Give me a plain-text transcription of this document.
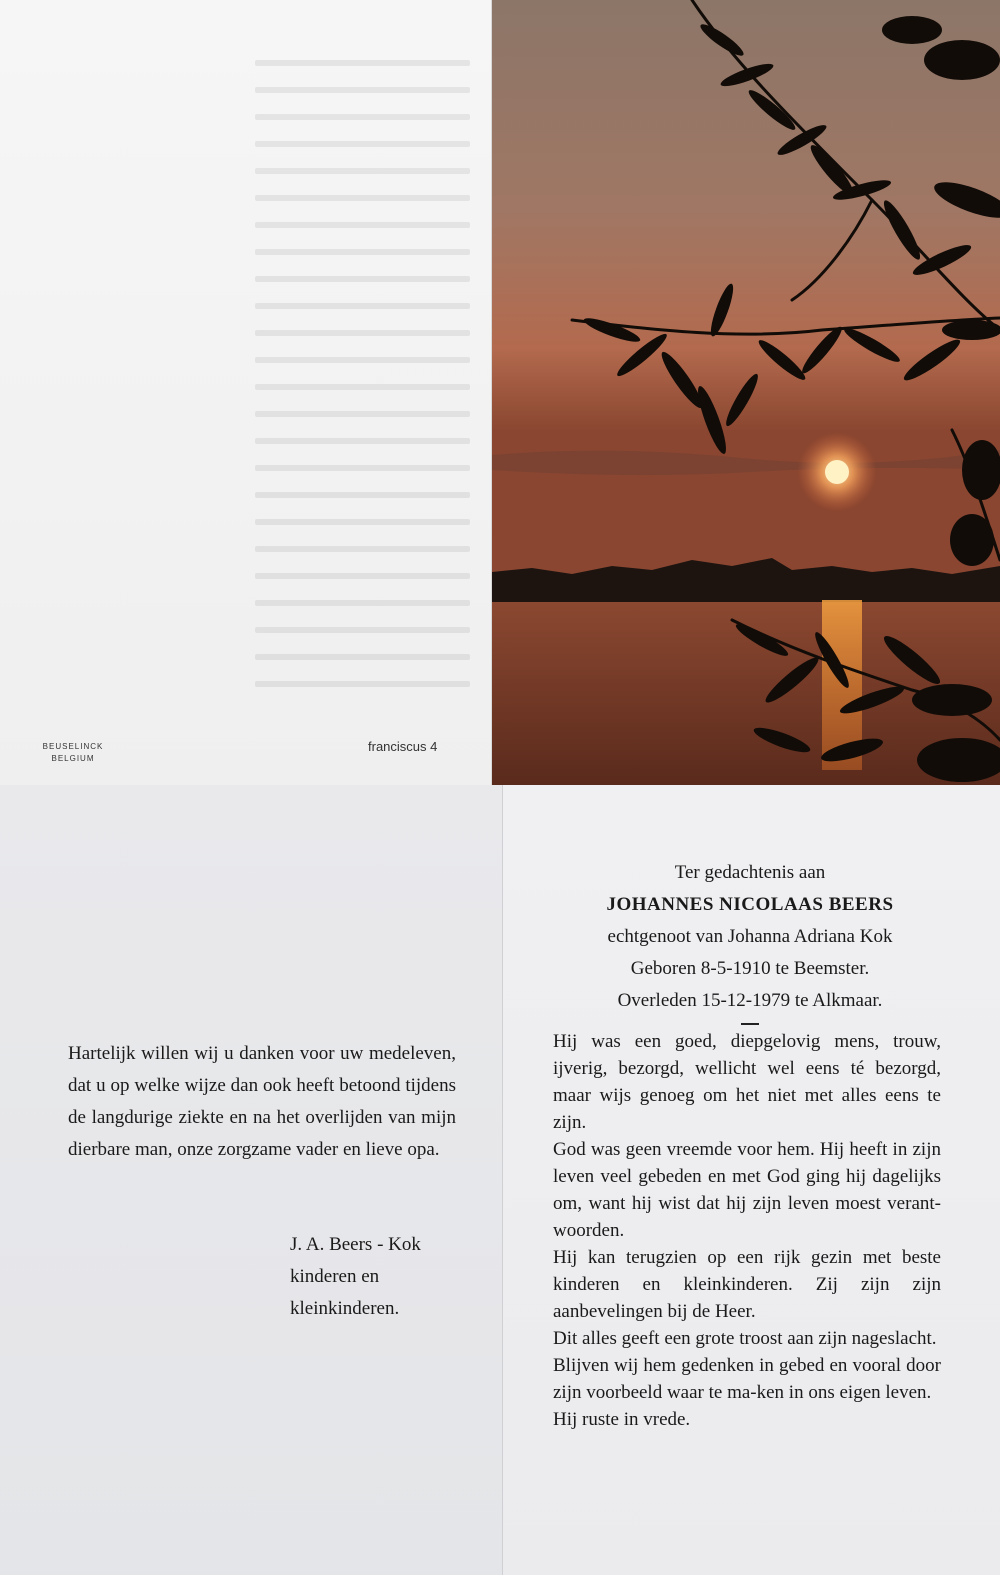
BEUSELINCK
BELGIUM
franciscus 4

Hartelijk willen wij u danken voor uw medeleven, dat u op welke wijze dan ook heeft betoond tijdens de langdurige ziekte en na het overlijden van mijn dierbare man, onze zorgzame vader en lieve opa.

J. A. Beers - Kok
kinderen en
kleinkinderen.
Ter gedachtenis aan
JOHANNES NICOLAAS BEERS
echtgenoot van Johanna Adriana Kok
Geboren 8-5-1910 te Beemster.
Overleden 15-12-1979 te Alkmaar.

Hij was een goed, diepgelovig mens, trouw, ijverig, bezorgd, wellicht wel eens té bezorgd, maar wijs genoeg om het niet met alles eens te zijn.

God was geen vreemde voor hem. Hij heeft in zijn leven veel gebeden en met God ging hij dagelijks om, want hij wist dat hij zijn leven moest verant-woorden.

Hij kan terugzien op een rijk gezin met beste kinderen en kleinkinderen. Zij zijn zijn aanbevelingen bij de Heer.

Dit alles geeft een grote troost aan zijn nageslacht.

Blijven wij hem gedenken in gebed en vooral door zijn voorbeeld waar te ma-ken in ons eigen leven.

Hij ruste in vrede.
